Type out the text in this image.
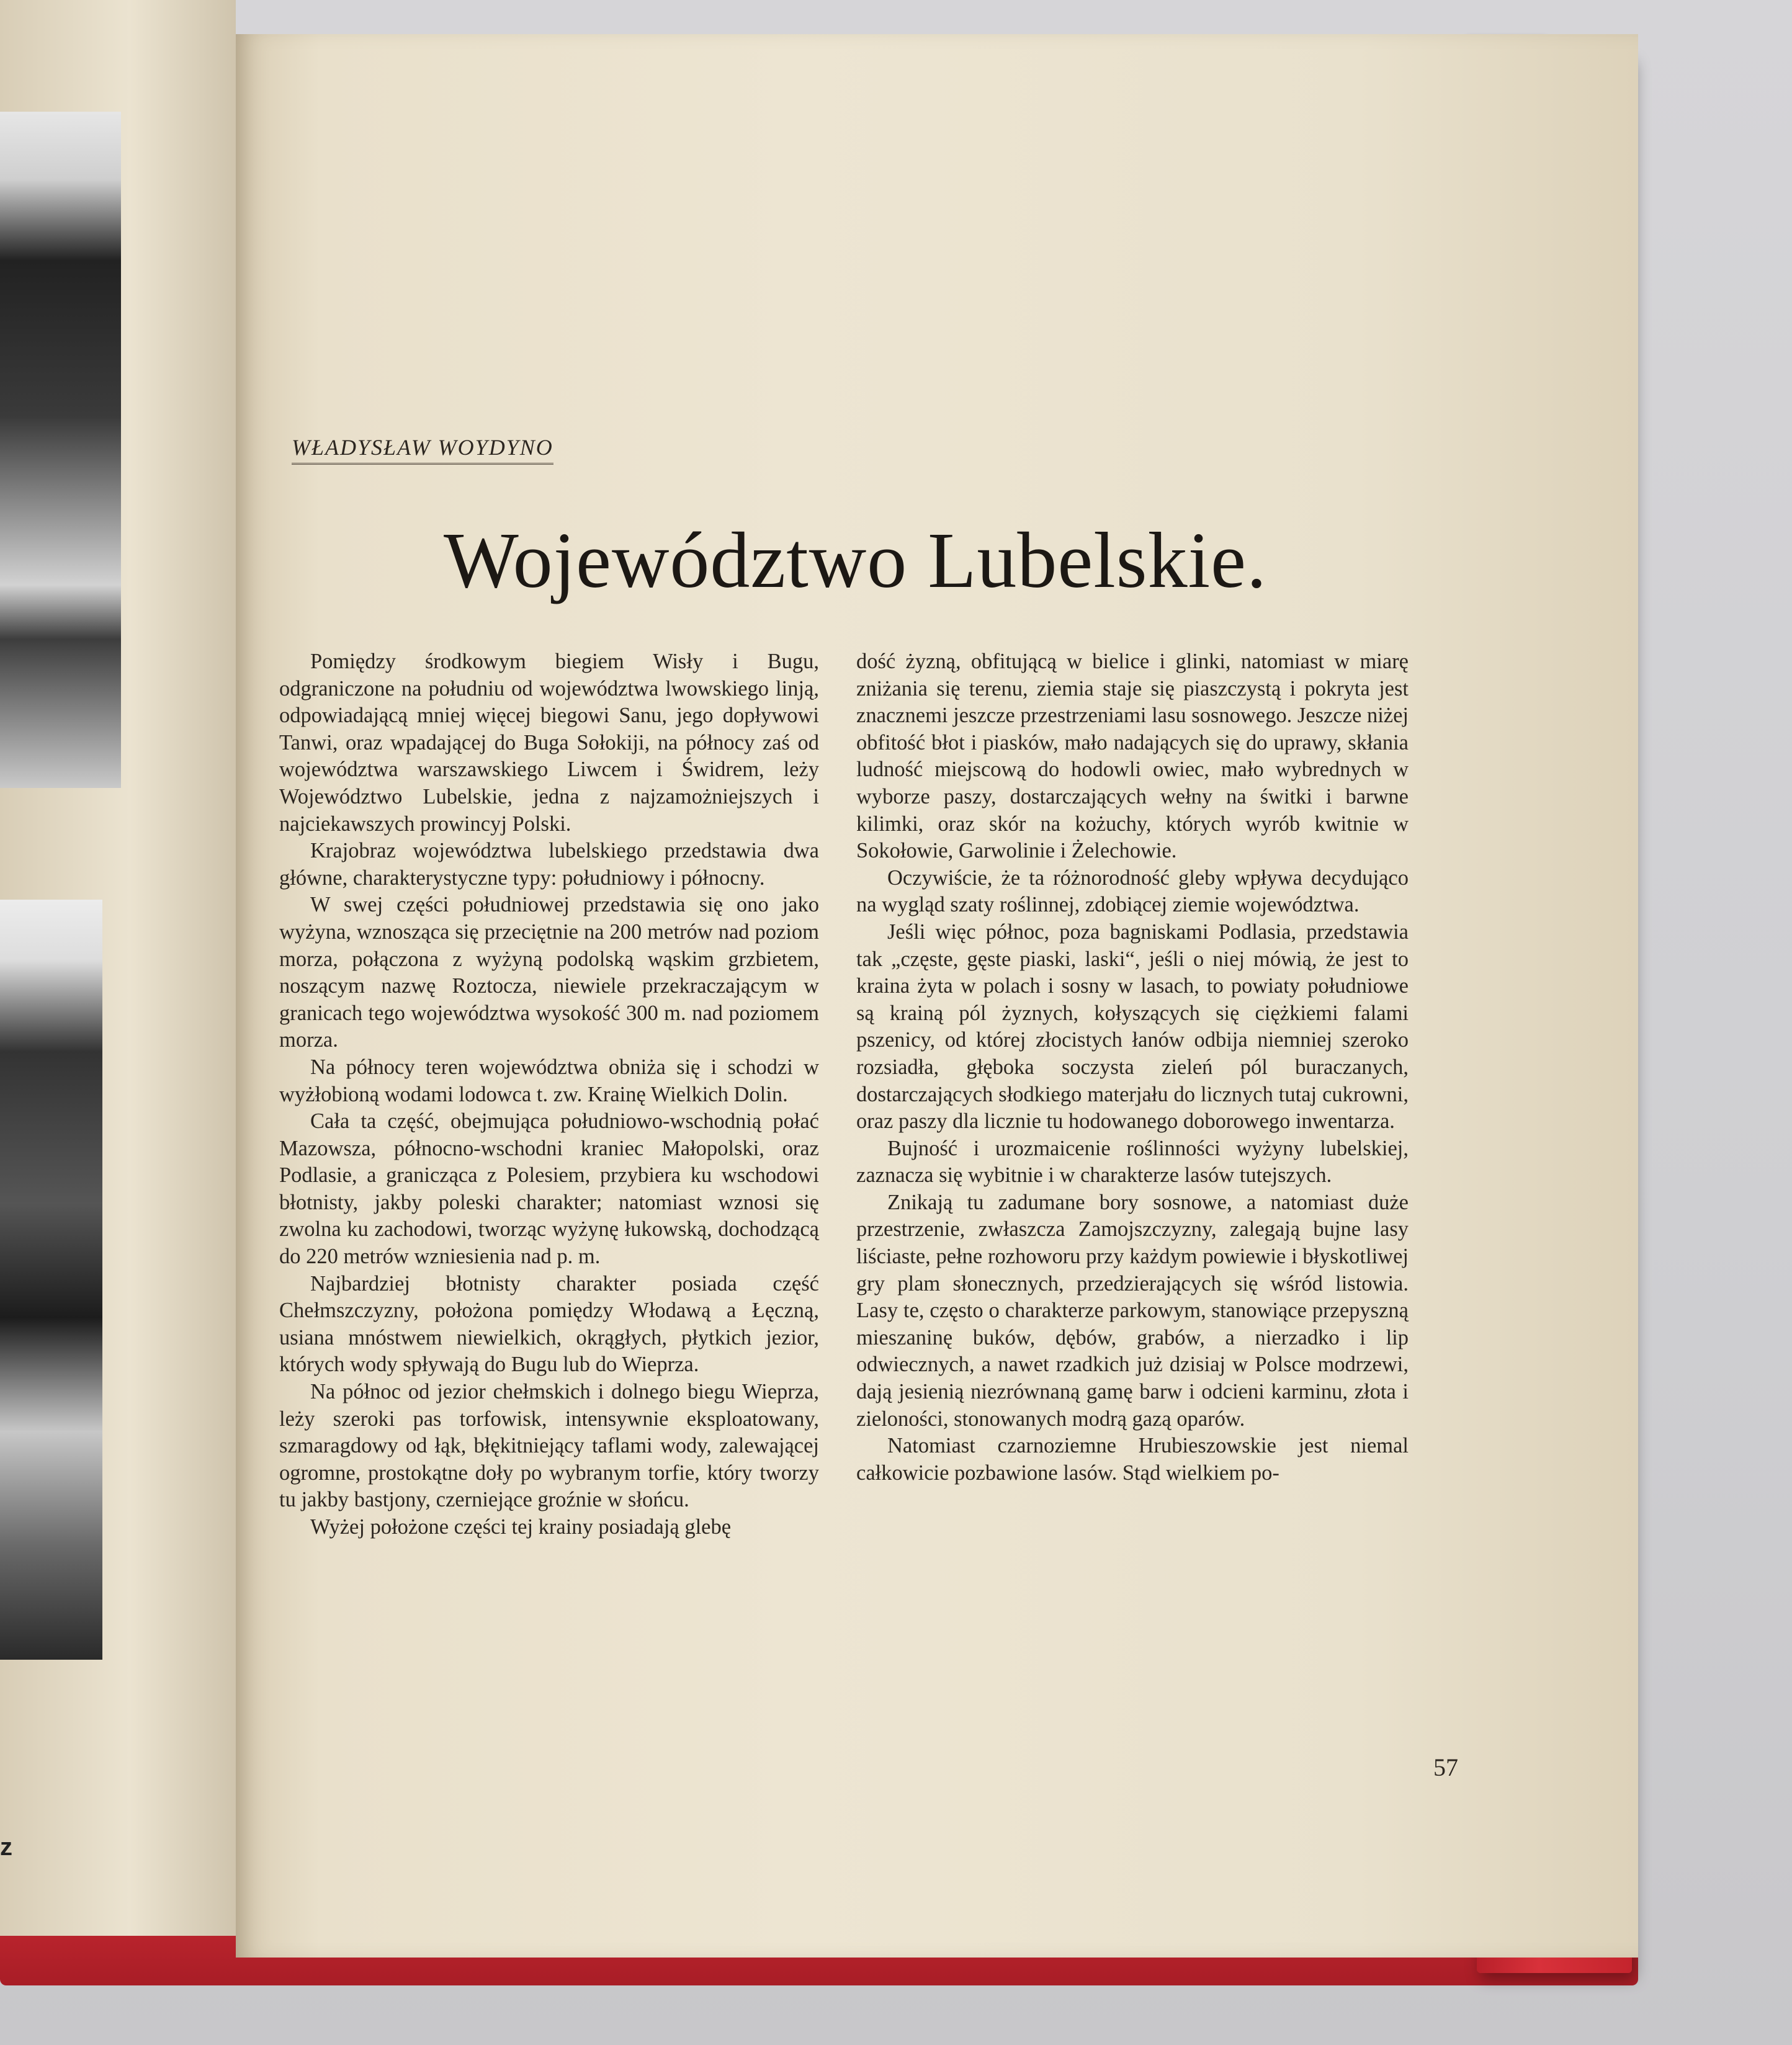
z
WŁADYSŁAW WOYDYNO
Województwo Lubelskie.

Pomiędzy środkowym biegiem Wisły i Bugu, odgraniczone na południu od województwa lwowskiego linją, odpowiadającą mniej więcej biegowi Sanu, jego dopływowi Tanwi, oraz wpadającej do Buga Sołokiji, na północy zaś od województwa warszawskiego Liwcem i Świdrem, leży Województwo Lubelskie, jedna z najzamożniejszych i najciekawszych prowincyj Polski.

Krajobraz województwa lubelskiego przedstawia dwa główne, charakterystyczne typy: południowy i północny.

W swej części południowej przedstawia się ono jako wyżyna, wznosząca się przeciętnie na 200 metrów nad poziom morza, połączona z wyżyną podolską wąskim grzbietem, noszącym nazwę Roztocza, niewiele przekraczającym w granicach tego województwa wysokość 300 m. nad poziomem morza.

Na północy teren województwa obniża się i schodzi w wyżłobioną wodami lodowca t. zw. Krainę Wielkich Dolin.

Cała ta część, obejmująca południowo-wschodnią połać Mazowsza, północno-wschodni kraniec Małopolski, oraz Podlasie, a granicząca z Polesiem, przybiera ku wschodowi błotnisty, jakby poleski charakter; natomiast wznosi się zwolna ku zachodowi, tworząc wyżynę łukowską, dochodzącą do 220 metrów wzniesienia nad p. m.

Najbardziej błotnisty charakter posiada część Chełmszczyzny, położona pomiędzy Włodawą a Łęczną, usiana mnóstwem niewielkich, okrągłych, płytkich jezior, których wody spływają do Bugu lub do Wieprza.

Na północ od jezior chełmskich i dolnego biegu Wieprza, leży szeroki pas torfowisk, intensywnie eksploatowany, szmaragdowy od łąk, błękitniejący taflami wody, zalewającej ogromne, prostokątne doły po wybranym torfie, który tworzy tu jakby bastjony, czerniejące groźnie w słońcu.

Wyżej położone części tej krainy posiadają glebę

dość żyzną, obfitującą w bielice i glinki, natomiast w miarę zniżania się terenu, ziemia staje się piaszczystą i pokryta jest znacznemi jeszcze przestrzeniami lasu sosnowego. Jeszcze niżej obfitość błot i piasków, mało nadających się do uprawy, skłania ludność miejscową do hodowli owiec, mało wybrednych w wyborze paszy, dostarczających wełny na świtki i barwne kilimki, oraz skór na kożuchy, których wyrób kwitnie w Sokołowie, Garwolinie i Żelechowie.

Oczywiście, że ta różnorodność gleby wpływa decydująco na wygląd szaty roślinnej, zdobiącej ziemie województwa.

Jeśli więc północ, poza bagniskami Podlasia, przedstawia tak „częste, gęste piaski, laski“, jeśli o niej mówią, że jest to kraina żyta w polach i sosny w lasach, to powiaty południowe są krainą pól żyznych, kołyszących się ciężkiemi falami pszenicy, od której złocistych łanów odbija niemniej szeroko rozsiadła, głęboka soczysta zieleń pól buraczanych, dostarczających słodkiego materjału do licznych tutaj cukrowni, oraz paszy dla licznie tu hodowanego doborowego inwentarza.

Bujność i urozmaicenie roślinności wyżyny lubelskiej, zaznacza się wybitnie i w charakterze lasów tutejszych.

Znikają tu zadumane bory sosnowe, a natomiast duże przestrzenie, zwłaszcza Zamojszczyzny, zalegają bujne lasy liściaste, pełne rozhoworu przy każdym powiewie i błyskotliwej gry plam słonecznych, przedzierających się wśród listowia. Lasy te, często o charakterze parkowym, stanowiące przepyszną mieszaninę buków, dębów, grabów, a nierzadko i lip odwiecznych, a nawet rzadkich już dzisiaj w Polsce modrzewi, dają jesienią niezrównaną gamę barw i odcieni karminu, złota i zieloności, stonowanych modrą gazą oparów.

Natomiast czarnoziemne Hrubieszowskie jest niemal całkowicie pozbawione lasów. Stąd wielkiem po-

57
